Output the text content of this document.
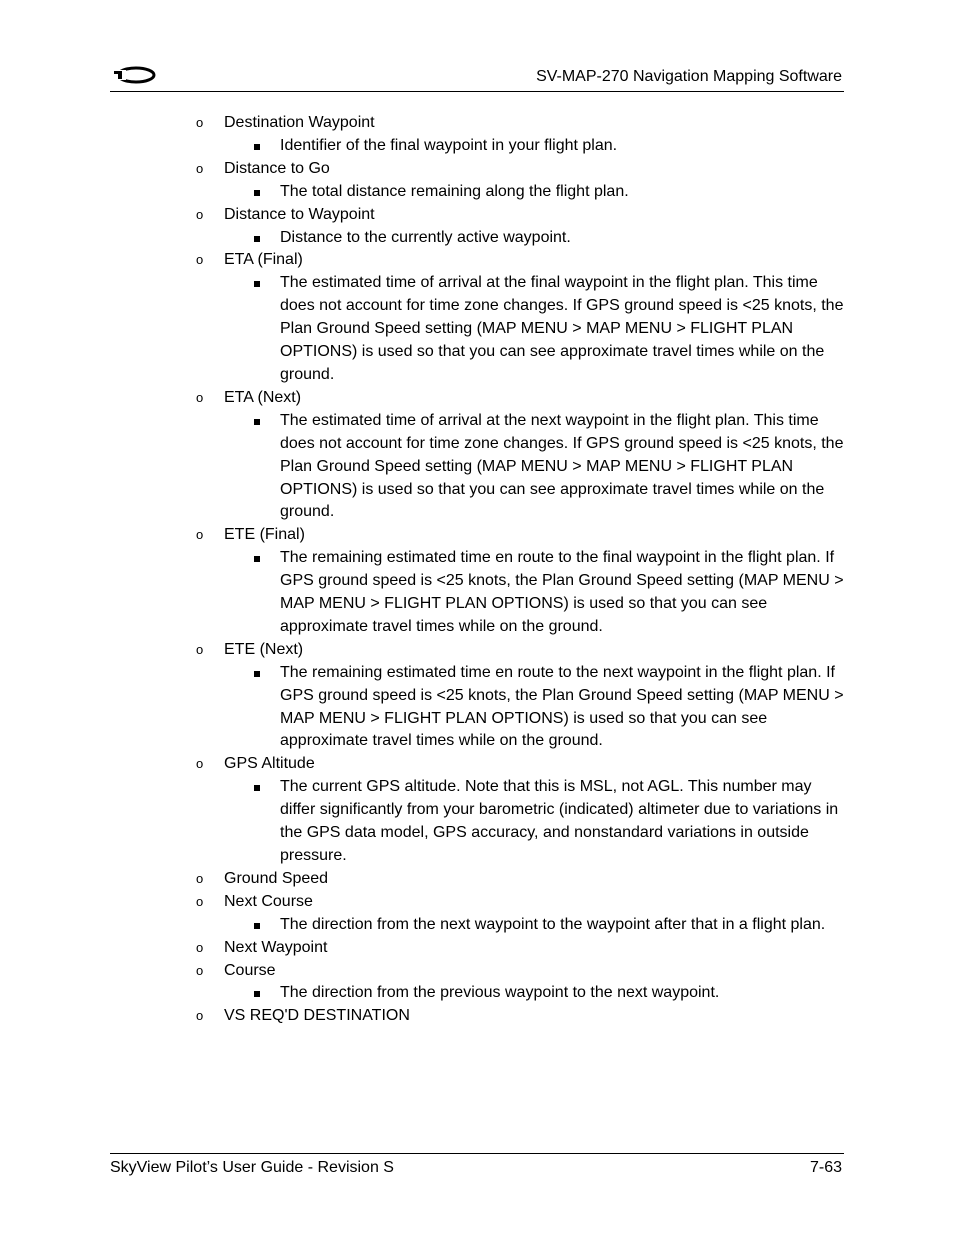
SV-MAP-270 Navigation Mapping Software
o Destination Waypoint
Identifier of the final waypoint in your flight plan.
o Distance to Go
The total distance remaining along the flight plan.
o Distance to Waypoint
Distance to the currently active waypoint.
o ETA (Final)
The estimated time of arrival at the final waypoint in the flight plan. This time does not account for time zone changes. If GPS ground speed is <25 knots, the Plan Ground Speed setting (MAP MENU > MAP MENU > FLIGHT PLAN OPTIONS) is used so that you can see approximate travel times while on the ground.
o ETA (Next)
The estimated time of arrival at the next waypoint in the flight plan. This time does not account for time zone changes. If GPS ground speed is <25 knots, the Plan Ground Speed setting (MAP MENU > MAP MENU > FLIGHT PLAN OPTIONS) is used so that you can see approximate travel times while on the ground.
o ETE (Final)
The remaining estimated time en route to the final waypoint in the flight plan. If GPS ground speed is <25 knots, the Plan Ground Speed setting (MAP MENU > MAP MENU > FLIGHT PLAN OPTIONS) is used so that you can see approximate travel times while on the ground.
o ETE (Next)
The remaining estimated time en route to the next waypoint in the flight plan. If GPS ground speed is <25 knots, the Plan Ground Speed setting (MAP MENU > MAP MENU > FLIGHT PLAN OPTIONS) is used so that you can see approximate travel times while on the ground.
o GPS Altitude
The current GPS altitude. Note that this is MSL, not AGL. This number may differ significantly from your barometric (indicated) altimeter due to variations in the GPS data model, GPS accuracy, and nonstandard variations in outside pressure.
o Ground Speed
o Next Course
The direction from the next waypoint to the waypoint after that in a flight plan.
o Next Waypoint
o Course
The direction from the previous waypoint to the next waypoint.
o VS REQ'D DESTINATION
SkyView Pilot’s User Guide - Revision S	7-63
